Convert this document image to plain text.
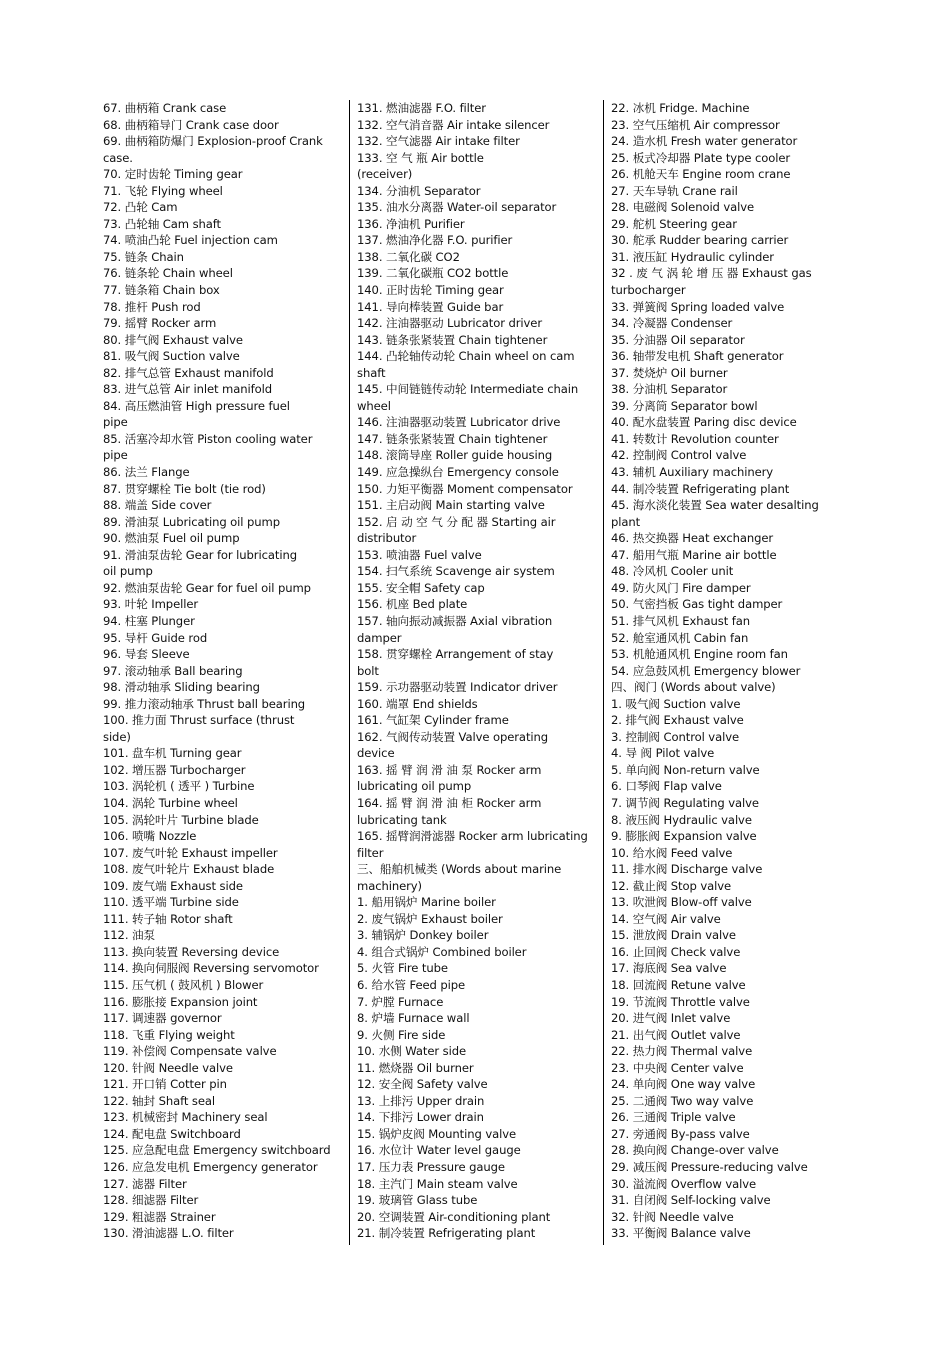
67. 曲柄箱 Crank case
68. 曲柄箱导门 Crank case door
69. 曲柄箱防爆门 Explosion-proof Crank
case.
70. 定时齿轮 Timing gear
71. 飞轮 Flying wheel
72. 凸轮 Cam
73. 凸轮轴 Cam shaft
74. 喷油凸轮 Fuel injection cam
75. 链条 Chain
76. 链条轮 Chain wheel
77. 链条箱 Chain box
78. 推杆 Push rod
79. 摇臂 Rocker arm
80. 排气阀 Exhaust valve
81. 吸气阀 Suction valve
82. 排气总管 Exhaust manifold
83. 进气总管 Air inlet manifold
84. 高压燃油管 High pressure fuel
pipe
85. 活塞冷却水管 Piston cooling water
pipe
86. 法兰 Flange
87. 贯穿螺栓 Tie bolt (tie rod)
88. 端盖 Side cover
89. 滑油泵 Lubricating oil pump
90. 燃油泵 Fuel oil pump
91. 滑油泵齿轮 Gear for lubricating
oil pump
92. 燃油泵齿轮 Gear for fuel oil pump
93. 叶轮 Impeller
94. 柱塞 Plunger
95. 导杆 Guide rod
96. 导套 Sleeve
97. 滚动轴承 Ball bearing
98. 滑动轴承 Sliding bearing
99. 推力滚动轴承 Thrust ball bearing
100. 推力面 Thrust surface (thrust
side)
101. 盘车机 Turning gear
102. 增压器 Turbocharger
103. 涡轮机 ( 透平 ) Turbine
104. 涡轮 Turbine wheel
105. 涡轮叶片 Turbine blade
106. 喷嘴 Nozzle
107. 废气叶轮 Exhaust impeller
108. 废气叶轮片 Exhaust blade
109. 废气端 Exhaust side
110. 透平端 Turbine side
111. 转子轴 Rotor shaft
112. 油泵
113. 换向装置 Reversing device
114. 换向伺服阀 Reversing servomotor
115. 压气机 ( 鼓风机 ) Blower
116. 膨胀接 Expansion joint
117. 调速器 governor
118. 飞重 Flying weight
119. 补偿阀 Compensate valve
120. 针阀 Needle valve
121. 开口销 Cotter pin
122. 轴封 Shaft seal
123. 机械密封 Machinery seal
124. 配电盘 Switchboard
125. 应急配电盘 Emergency switchboard
126. 应急发电机 Emergency generator
127. 滤器 Filter
128. 细滤器 Filter
129. 粗滤器 Strainer
130. 滑油滤器 L.O. filter
131. 燃油滤器 F.O. filter
132. 空气消音器 Air intake silencer
132. 空气滤器 Air intake filter
133. 空 气 瓶 Air bottle
(receiver)
134. 分油机 Separator
135. 油水分离器 Water-oil separator
136. 净油机 Purifier
137. 燃油净化器 F.O. purifier
138. 二氧化碳 CO2
139. 二氧化碳瓶 CO2 bottle
140. 正时齿轮 Timing gear
141. 导向棒装置 Guide bar
142. 注油器驱动 Lubricator driver
143. 链条张紧装置 Chain tightener
144. 凸轮轴传动轮 Chain wheel on cam
shaft
145. 中间链链传动轮 Intermediate chain
wheel
146. 注油器驱动装置 Lubricator drive
147. 链条张紧装置 Chain tightener
148. 滚筒导座 Roller guide housing
149. 应急操纵台 Emergency console
150. 力矩平衡器 Moment compensator
151. 主启动阀 Main starting valve
152. 启 动 空 气 分 配 器 Starting air
distributor
153. 喷油器 Fuel valve
154. 扫气系统 Scavenge air system
155. 安全帽 Safety cap
156. 机座 Bed plate
157. 轴向振动减振器 Axial vibration
damper
158. 贯穿螺栓 Arrangement of stay
bolt
159. 示功器驱动装置 Indicator driver
160. 端罩 End shields
161. 气缸架 Cylinder frame
162. 气阀传动装置 Valve operating
device
163. 摇 臂 润 滑 油 泵 Rocker arm
lubricating oil pump
164. 摇 臂 润 滑 油 柜 Rocker arm
lubricating tank
165. 摇臂润滑滤器 Rocker arm lubricating
filter
三、船舶机械类 (Words about marine
machinery)
1. 船用锅炉 Marine boiler
2. 废气锅炉 Exhaust boiler
3. 辅锅炉 Donkey boiler
4. 组合式锅炉 Combined boiler
5. 火管 Fire tube
6. 给水管 Feed pipe
7. 炉膛 Furnace
8. 炉墙 Furnace wall
9. 火侧 Fire side
10. 水侧 Water side
11. 燃烧器 Oil burner
12. 安全阀 Safety valve
13. 上排污 Upper drain
14. 下排污 Lower drain
15. 锅炉皮阀 Mounting valve
16. 水位计 Water level gauge
17. 压力表 Pressure gauge
18. 主汽门 Main steam valve
19. 玻璃管 Glass tube
20. 空调装置 Air-conditioning plant
21. 制冷装置 Refrigerating plant
22. 冰机 Fridge. Machine
23. 空气压缩机 Air compressor
24. 造水机 Fresh water generator
25. 板式冷却器 Plate type cooler
26. 机舱天车 Engine room crane
27. 天车导轨 Crane rail
28. 电磁阀 Solenoid valve
29. 舵机 Steering gear
30. 舵承 Rudder bearing carrier
31. 液压缸 Hydraulic cylinder
32 . 废 气 涡 轮 增 压 器 Exhaust gas
turbocharger
33. 弹簧阀 Spring loaded valve
34. 冷凝器 Condenser
35. 分油器 Oil separator
36. 轴带发电机 Shaft generator
37. 焚烧炉 Oil burner
38. 分油机 Separator
39. 分离筒 Separator bowl
40. 配水盘装置 Paring disc device
41. 转数计 Revolution counter
42. 控制阀 Control valve
43. 辅机 Auxiliary machinery
44. 制冷装置 Refrigerating plant
45. 海水淡化装置 Sea water desalting
plant
46. 热交换器 Heat exchanger
47. 船用气瓶 Marine air bottle
48. 冷风机 Cooler unit
49. 防火风门 Fire damper
50. 气密挡板 Gas tight damper
51. 排气风机 Exhaust fan
52. 舱室通风机 Cabin fan
53. 机舱通风机 Engine room fan
54. 应急鼓风机 Emergency blower
四、阀门 (Words about valve)
1. 吸气阀 Suction valve
2. 排气阀 Exhaust valve
3. 控制阀 Control valve
4. 导 阀 Pilot valve
5. 单向阀 Non-return valve
6. 口琴阀 Flap valve
7. 调节阀 Regulating valve
8. 液压阀 Hydraulic valve
9. 膨胀阀 Expansion valve
10. 给水阀 Feed valve
11. 排水阀 Discharge valve
12. 截止阀 Stop valve
13. 吹泄阀 Blow-off valve
14. 空气阀 Air valve
15. 泄放阀 Drain valve
16. 止回阀 Check valve
17. 海底阀 Sea valve
18. 回流阀 Retune valve
19. 节流阀 Throttle valve
20. 进气阀 Inlet valve
21. 出气阀 Outlet valve
22. 热力阀 Thermal valve
23. 中央阀 Center valve
24. 单向阀 One way valve
25. 二通阀 Two way valve
26. 三通阀 Triple valve
27. 旁通阀 By-pass valve
28. 换向阀 Change-over valve
29. 减压阀 Pressure-reducing valve
30. 溢流阀 Overflow valve
31. 自闭阀 Self-locking valve
32. 针阀 Needle valve
33. 平衡阀 Balance valve
